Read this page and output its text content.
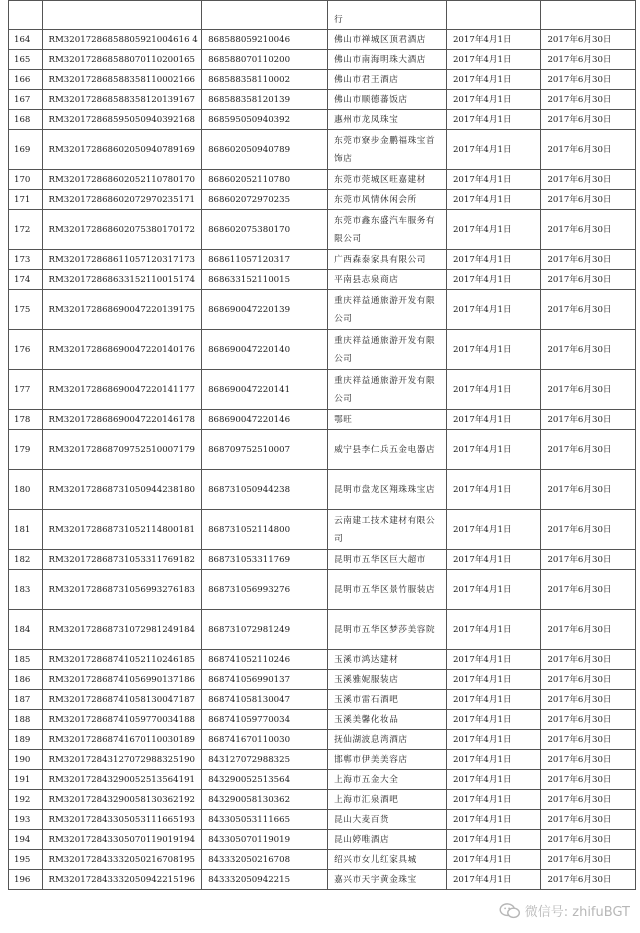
			行		

164	RM32017286858805921004616 4	868588059210046	佛山市禅城区顶君酒店	2017年4月1日	2017年6月30日
165	RM320172868588070110200165	868588070110200	佛山市南海明珠大酒店	2017年4月1日	2017年6月30日
166	RM320172868588358110002166	868588358110002	佛山市君王酒店	2017年4月1日	2017年6月30日
167	RM320172868588358120139167	868588358120139	佛山市顺德蕃饭店	2017年4月1日	2017年6月30日
168	RM320172868595050940392168	868595050940392	惠州市龙凤珠宝	2017年4月1日	2017年6月30日
169	RM320172868602050940789169	868602050940789	东莞市寮步金鹏福珠宝首饰店	2017年4月1日	2017年6月30日
170	RM320172868602052110780170	868602052110780	东莞市莞城区旺嘉建材	2017年4月1日	2017年6月30日
171	RM320172868602072970235171	868602072970235	东莞市风情休闲会所	2017年4月1日	2017年6月30日
172	RM320172868602075380170172	868602075380170	东莞市鑫东盛汽车服务有限公司	2017年4月1日	2017年6月30日
173	RM320172868611057120317173	868611057120317	广西森泰家具有限公司	2017年4月1日	2017年6月30日
174	RM320172868633152110015174	868633152110015	平南县志泉商店	2017年4月1日	2017年6月30日
175	RM320172868690047220139175	868690047220139	重庆祥益通旅游开发有限公司	2017年4月1日	2017年6月30日
176	RM320172868690047220140176	868690047220140	重庆祥益通旅游开发有限公司	2017年4月1日	2017年6月30日
177	RM320172868690047220141177	868690047220141	重庆祥益通旅游开发有限公司	2017年4月1日	2017年6月30日
178	RM320172868690047220146178	868690047220146	鄂旺	2017年4月1日	2017年6月30日
179	RM320172868709752510007179	868709752510007	威宁县李仁兵五金电器店	2017年4月1日	2017年6月30日
180	RM320172868731050944238180	868731050944238	昆明市盘龙区翔珠珠宝店	2017年4月1日	2017年6月30日
181	RM320172868731052114800181	868731052114800	云南建工技术建材有限公司	2017年4月1日	2017年6月30日
182	RM320172868731053311769182	868731053311769	昆明市五华区巨大超市	2017年4月1日	2017年6月30日
183	RM320172868731056993276183	868731056993276	昆明市五华区景竹服装店	2017年4月1日	2017年6月30日
184	RM320172868731072981249184	868731072981249	昆明市五华区梦莎美容院	2017年4月1日	2017年6月30日
185	RM320172868741052110246185	868741052110246	玉溪市鸿达建材	2017年4月1日	2017年6月30日
186	RM320172868741056990137186	868741056990137	玉溪雅妮服装店	2017年4月1日	2017年6月30日
187	RM320172868741058130047187	868741058130047	玉溪市雷石酒吧	2017年4月1日	2017年6月30日
188	RM320172868741059770034188	868741059770034	玉溪美馨化妆品	2017年4月1日	2017年6月30日
189	RM320172868741670110030189	868741670110030	抚仙湖波息湾酒店	2017年4月1日	2017年6月30日
190	RM320172843127072988325190	843127072988325	邯郸市伊美美容店	2017年4月1日	2017年6月30日
191	RM320172843290052513564191	843290052513564	上海市五金大全	2017年4月1日	2017年6月30日
192	RM320172843290058130362192	843290058130362	上海市汇泉酒吧	2017年4月1日	2017年6月30日
193	RM320172843305053111665193	843305053111665	昆山大麦百货	2017年4月1日	2017年6月30日
194	RM320172843305070119019194	843305070119019	昆山婷唯酒店	2017年4月1日	2017年6月30日
195	RM320172843332050216708195	843332050216708	绍兴市女儿红家具城	2017年4月1日	2017年6月30日
196	RM320172843332050942215196	843332050942215	嘉兴市天宇黄金珠宝	2017年4月1日	2017年6月30日
微信号: zhifuBGT
